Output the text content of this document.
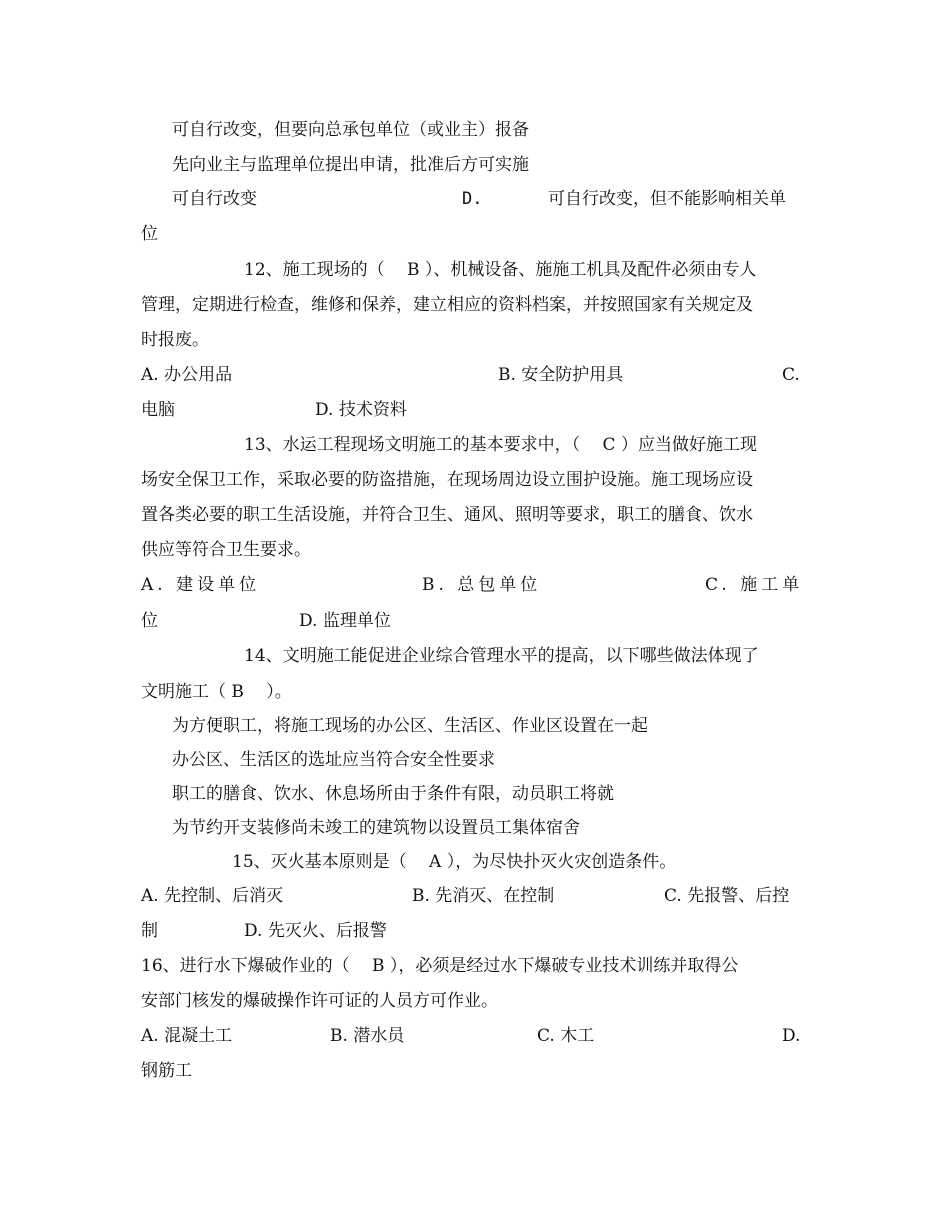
可自行改变，但要向总承包单位（或业主）报备
先向业主与监理单位提出申请，批准后方可实施
可自行改变	D.	可自行改变，但不能影响相关单
位
12、施工现场的（　 B ）、机械设备、施施工机具及配件必须由专人
管理，定期进行检查，维修和保养，建立相应的资料档案，并按照国家有关规定及
时报废。
A. 办公用品	B. 安全防护用具	C.
电脑	D. 技术资料
13、水运工程现场文明施工的基本要求中，（　 C ）应当做好施工现
场安全保卫工作，采取必要的防盗措施，在现场周边设立围护设施。施工现场应设
置各类必要的职工生活设施，并符合卫生、通风、照明等要求，职工的膳食、饮水
供应等符合卫生要求。
A. 建设单位	B. 总包单位	C. 施工单
位	D. 监理单位
14、文明施工能促进企业综合管理水平的提高，以下哪些做法体现了
文明施工（ B　 ）。
为方便职工，将施工现场的办公区、生活区、作业区设置在一起
办公区、生活区的选址应当符合安全性要求
职工的膳食、饮水、休息场所由于条件有限，动员职工将就
为节约开支装修尚未竣工的建筑物以设置员工集体宿舍
15、灭火基本原则是（　 A ），为尽快扑灭火灾创造条件。
A. 先控制、后消灭	B. 先消灭、在控制	C. 先报警、后控
制	D. 先灭火、后报警
16、进行水下爆破作业的（　 B ），必须是经过水下爆破专业技术训练并取得公
安部门核发的爆破操作许可证的人员方可作业。
A. 混凝土工	B. 潜水员	C. 木工	D.
钢筋工
